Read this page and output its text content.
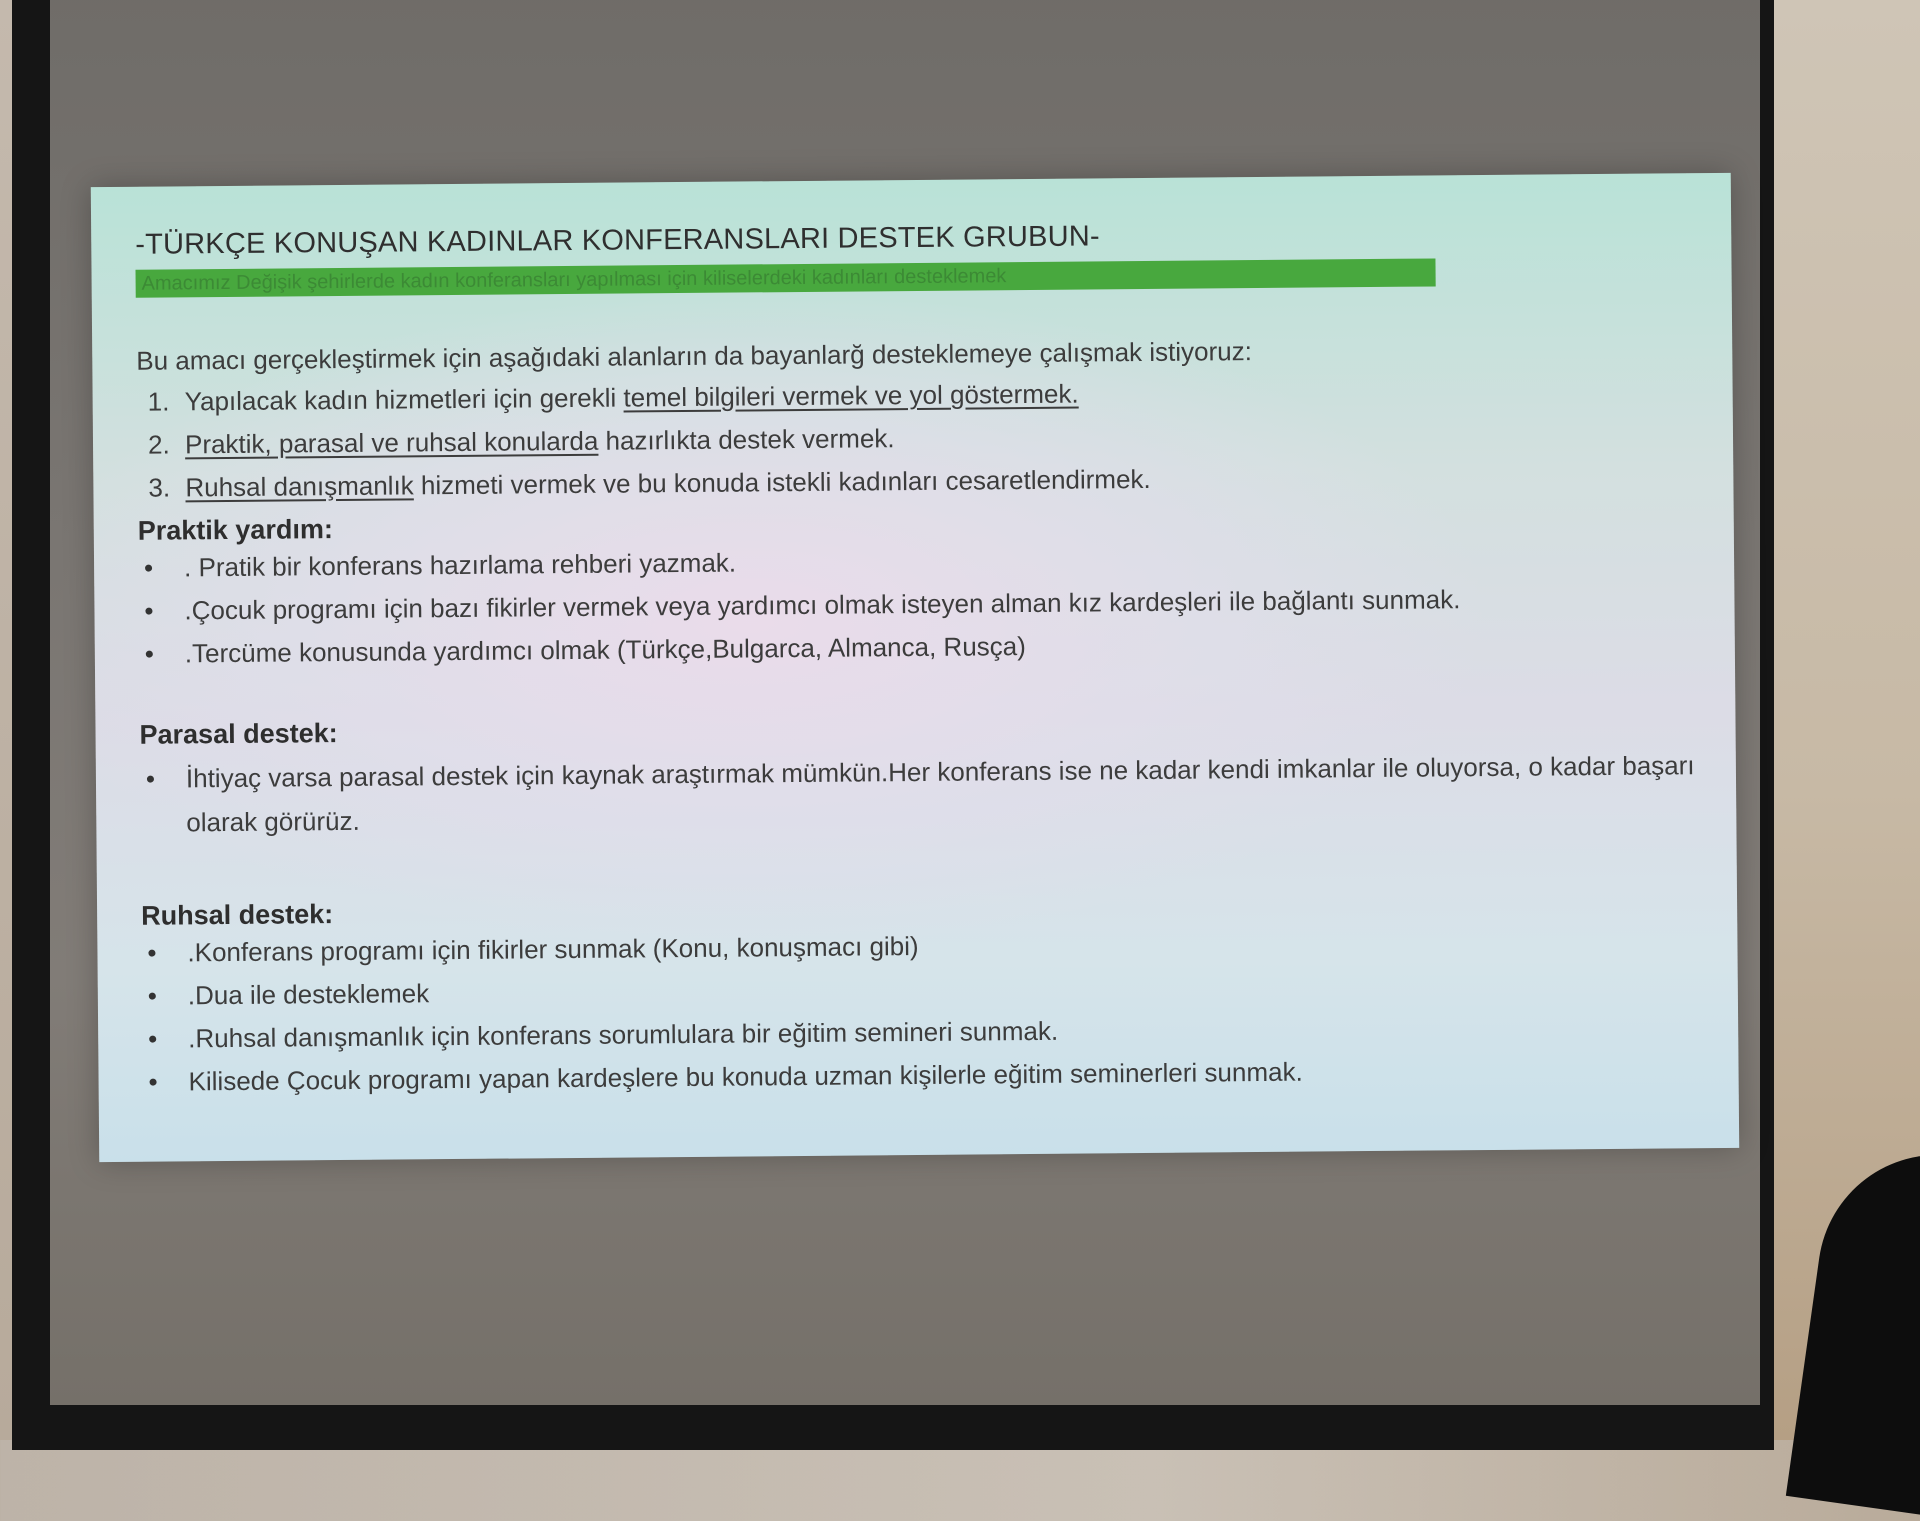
-TÜRKÇE KONUŞAN KADINLAR KONFERANSLARI DESTEK GRUBUN-

Amacımız Değişik şehirlerde kadın konferansları yapılması için kiliselerdeki kadınları desteklemek
Bu amacı gerçekleştirmek için aşağıdaki alanların da bayanlarğ desteklemeye çalışmak istiyoruz:
1. Yapılacak kadın hizmetleri için gerekli temel bilgileri vermek ve yol göstermek.
2. Praktik, parasal ve ruhsal konularda hazırlıkta destek vermek.
3. Ruhsal danışmanlık hizmeti vermek ve bu konuda istekli kadınları cesaretlendirmek.

Praktik yardım:

• . Pratik bir konferans hazırlama rehberi yazmak.
• .Çocuk programı için bazı fikirler vermek veya yardımcı olmak isteyen alman kız kardeşleri ile bağlantı sunmak.
• .Tercüme konusunda yardımcı olmak (Türkçe,Bulgarca, Almanca, Rusça)

Parasal destek:

• İhtiyaç varsa parasal destek için kaynak araştırmak mümkün.Her konferans ise ne kadar kendi imkanlar ile oluyorsa, o kadar başarı olarak görürüz.

Ruhsal destek:

• .Konferans programı için fikirler sunmak (Konu, konuşmacı gibi)
• .Dua ile desteklemek
• .Ruhsal danışmanlık için konferans sorumlulara bir eğitim semineri sunmak.
• Kilisede Çocuk programı yapan kardeşlere bu konuda uzman kişilerle eğitim seminerleri sunmak.
